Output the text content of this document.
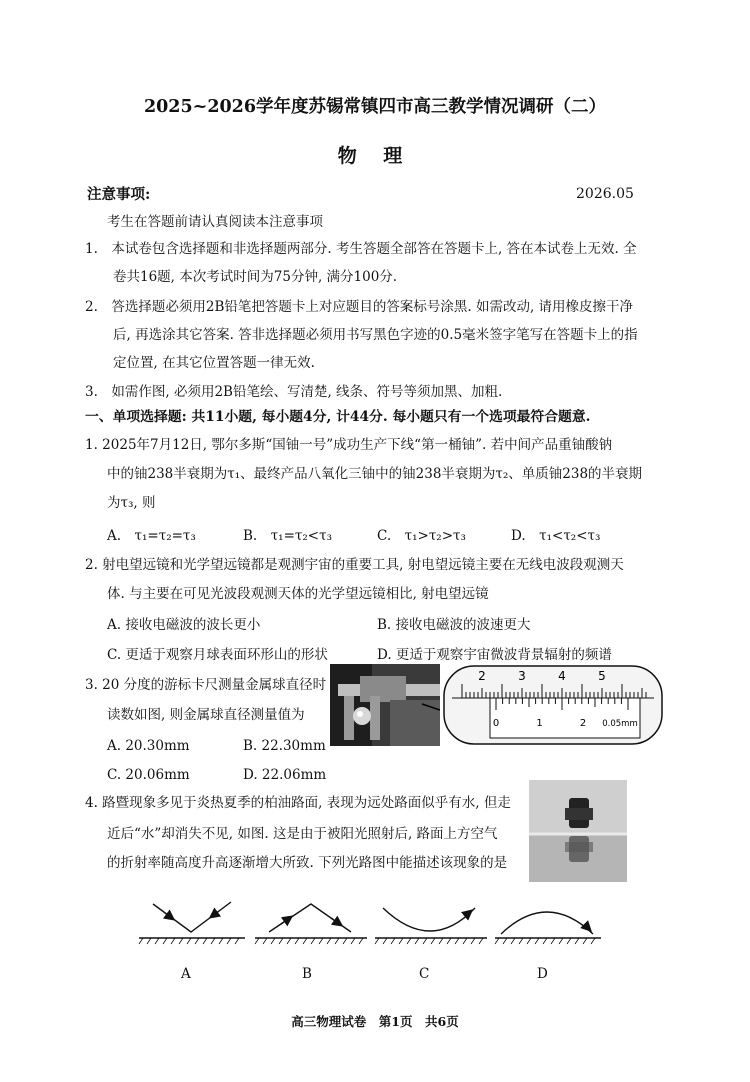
2025~2026学年度苏锡常镇四市高三教学情况调研（二）
物 理
注意事项:	2026.05
考生在答题前请认真阅读本注意事项
1.　本试卷包含选择题和非选择题两部分. 考生答题全部答在答题卡上, 答在本试卷上无效. 全
卷共16题, 本次考试时间为75分钟, 满分100分.
2.　答选择题必须用2B铅笔把答题卡上对应题目的答案标号涂黑. 如需改动, 请用橡皮擦干净
后, 再选涂其它答案. 答非选择题必须用书写黑色字迹的0.5毫米签字笔写在答题卡上的指
定位置, 在其它位置答题一律无效.
3.　如需作图, 必须用2B铅笔绘、写清楚, 线条、符号等须加黑、加粗.
一、单项选择题: 共11小题, 每小题4分, 计44分. 每小题只有一个选项最符合题意.
1. 2025年7月12日, 鄂尔多斯“国铀一号”成功生产下线“第一桶铀”. 若中间产品重铀酸钠
中的铀238半衰期为τ₁、最终产品八氧化三铀中的铀238半衰期为τ₂、单质铀238的半衰期
为τ₃, 则
A.　τ₁=τ₂=τ₃	B.　τ₁=τ₂<τ₃	C.　τ₁>τ₂>τ₃	D.　τ₁<τ₂<τ₃
2. 射电望远镜和光学望远镜都是观测宇宙的重要工具, 射电望远镜主要在无线电波段观测天
体. 与主要在可见光波段观测天体的光学望远镜相比, 射电望远镜
A. 接收电磁波的波长更小	B. 接收电磁波的波速更大
C. 更适于观察月球表面环形山的形状	D. 更适于观察宇宙微波背景辐射的频谱
3. 20 分度的游标卡尺测量金属球直径时
读数如图, 则金属球直径测量值为
A. 20.30mm	B. 22.30mm
C. 20.06mm	D. 22.06mm
2	3	4	5
0	1	2 0.05mm
4. 路暨现象多见于炎热夏季的柏油路面, 表现为远处路面似乎有水, 但走
近后“水”却消失不见, 如图. 这是由于被阳光照射后, 路面上方空气
的折射率随高度升高逐渐增大所致. 下列光路图中能描述该现象的是
A	B	C	D
高三物理试卷　第1页　共6页
